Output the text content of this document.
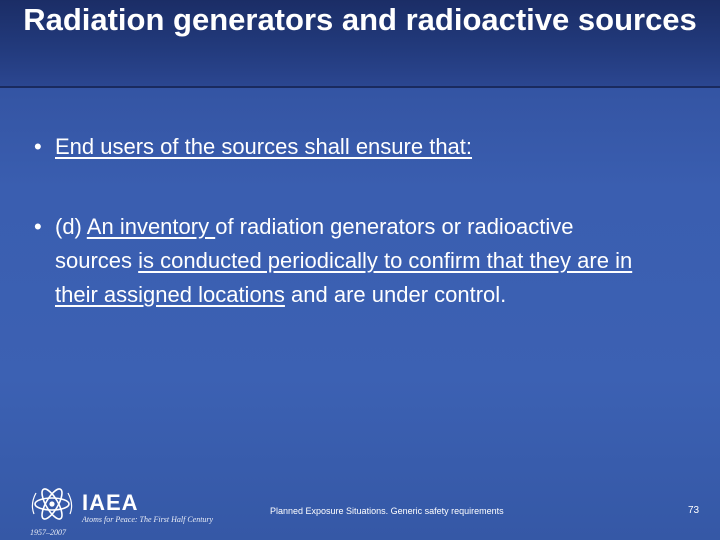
Radiation generators and radioactive sources
• End users of the sources shall ensure that:
• (d) An inventory of radiation generators or radioactive sources is conducted periodically to confirm that they are in their assigned locations and are under control.
IAEA
Atoms for Peace: The First Half Century
1957–2007
Planned Exposure Situations. Generic safety requirements	73
